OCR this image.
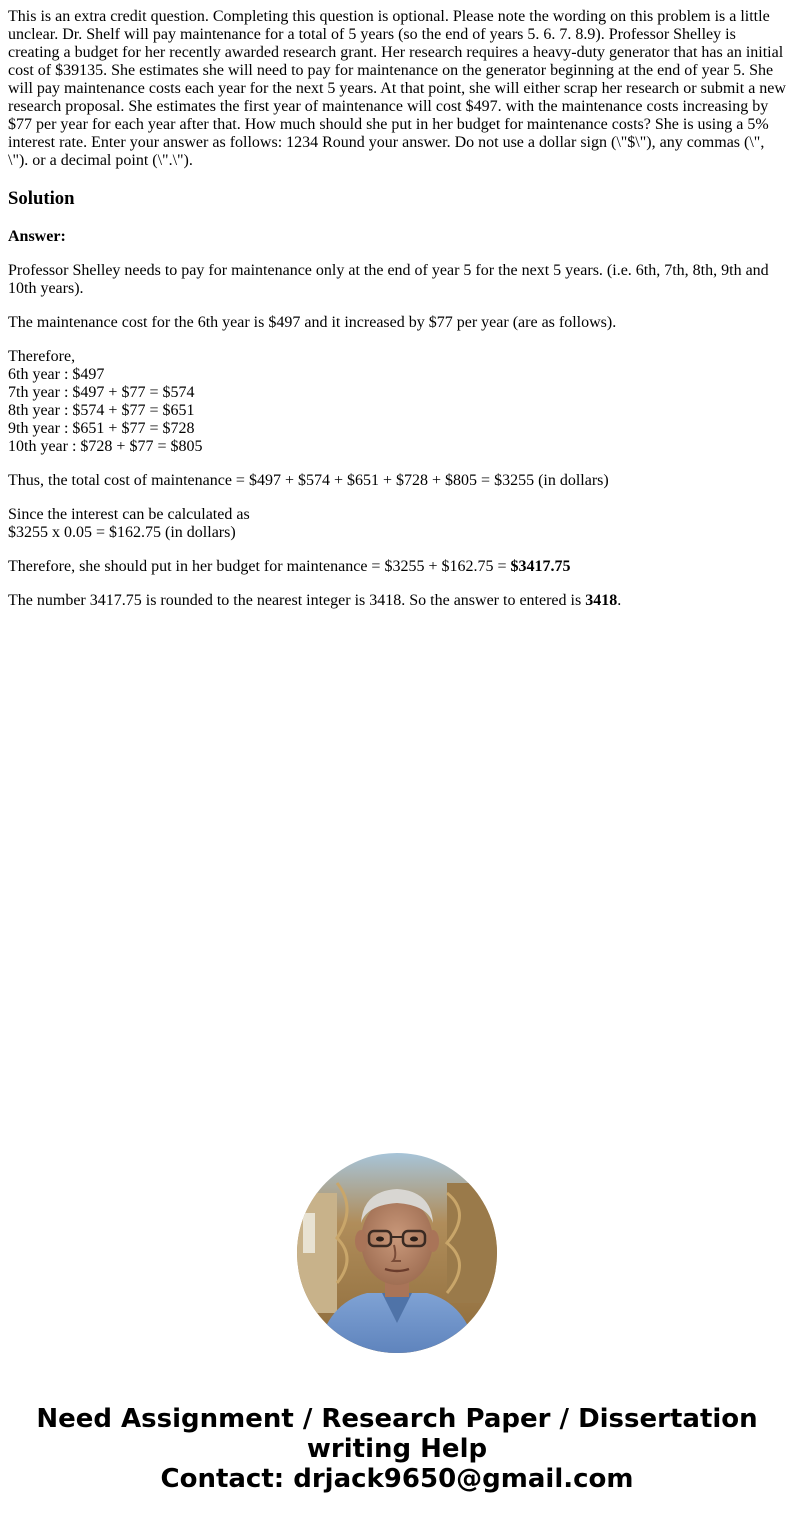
This is an extra credit question. Completing this question is optional. Please note the wording on this problem is a little unclear. Dr. Shelf will pay maintenance for a total of 5 years (so the end of years 5. 6. 7. 8.9). Professor Shelley is creating a budget for her recently awarded research grant. Her research requires a heavy-duty generator that has an initial cost of $39135. She estimates she will need to pay for maintenance on the generator beginning at the end of year 5. She will pay maintenance costs each year for the next 5 years. At that point, she will either scrap her research or submit a new research proposal. She estimates the first year of maintenance will cost $497. with the maintenance costs increasing by $77 per year for each year after that. How much should she put in her budget for maintenance costs? She is using a 5% interest rate. Enter your answer as follows: 1234 Round your answer. Do not use a dollar sign (\"$\"), any commas (\", \"). or a decimal point (\".\").

Solution

Answer:

Professor Shelley needs to pay for maintenance only at the end of year 5 for the next 5 years. (i.e. 6th, 7th, 8th, 9th and 10th years).

The maintenance cost for the 6th year is $497 and it increased by $77 per year (are as follows).

Therefore,
6th year : $497
7th year : $497 + $77 = $574
8th year : $574 + $77 = $651
9th year : $651 + $77 = $728
10th year : $728 + $77 = $805

Thus, the total cost of maintenance = $497 + $574 + $651 + $728 + $805 = $3255 (in dollars)

Since the interest can be calculated as
$3255 x 0.05 = $162.75 (in dollars)

Therefore, she should put in her budget for maintenance = $3255 + $162.75 = $3417.75

The number 3417.75 is rounded to the nearest integer is 3418. So the answer to entered is 3418.

Need Assignment / Research Paper / Dissertation
writing Help
Contact: drjack9650@gmail.com
